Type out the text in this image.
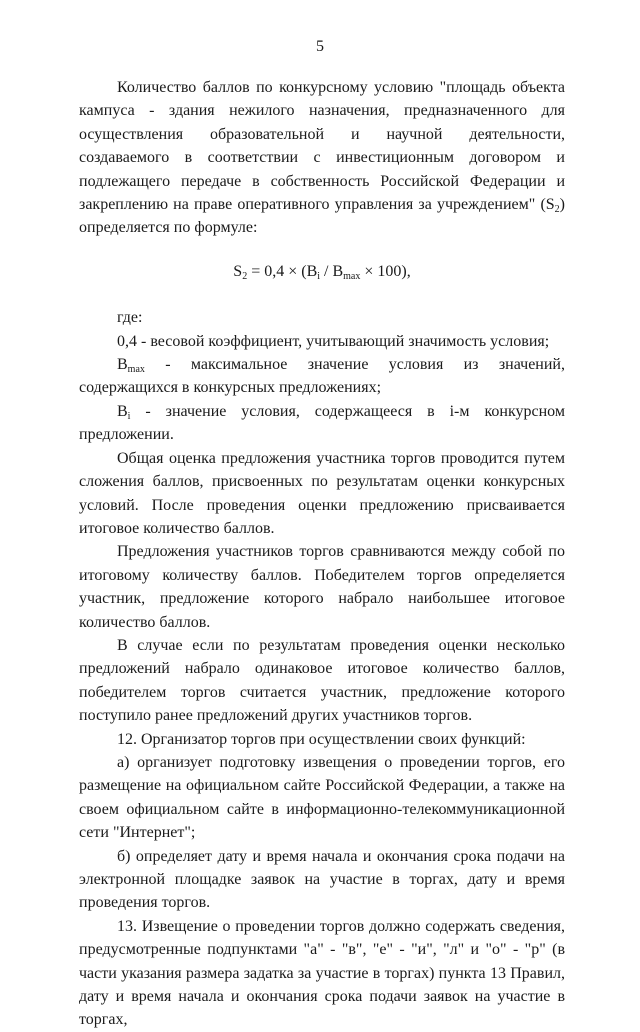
5

Количество баллов по конкурсному условию "площадь объекта кампуса - здания нежилого назначения, предназначенного для осуществления образовательной и научной деятельности, создаваемого в соответствии с инвестиционным договором и подлежащего передаче в собственность Российской Федерации и закреплению на праве оперативного управления за учреждением" $(S_2)$ определяется по формуле:

$S_2 = 0,4 \times (B_i / B_{max} \times 100)$,

где:

0,4 - весовой коэффициент, учитывающий значимость условия;

$B_{max}$ - максимальное значение условия из значений, содержащихся в конкурсных предложениях;

$B_i$ - значение условия, содержащееся в i-м конкурсном предложении.

Общая оценка предложения участника торгов проводится путем сложения баллов, присвоенных по результатам оценки конкурсных условий. После проведения оценки предложению присваивается итоговое количество баллов.

Предложения участников торгов сравниваются между собой по итоговому количеству баллов. Победителем торгов определяется участник, предложение которого набрало наибольшее итоговое количество баллов.

В случае если по результатам проведения оценки несколько предложений набрало одинаковое итоговое количество баллов, победителем торгов считается участник, предложение которого поступило ранее предложений других участников торгов.

12. Организатор торгов при осуществлении своих функций:

а) организует подготовку извещения о проведении торгов, его размещение на официальном сайте Российской Федерации, а также на своем официальном сайте в информационно-телекоммуникационной сети "Интернет";

б) определяет дату и время начала и окончания срока подачи на электронной площадке заявок на участие в торгах, дату и время проведения торгов.

13. Извещение о проведении торгов должно содержать сведения, предусмотренные подпунктами "а" - "в", "е" - "и", "л" и "о" - "р" (в части указания размера задатка за участие в торгах) пункта 13 Правил, дату и время начала и окончания срока подачи заявок на участие в торгах,
